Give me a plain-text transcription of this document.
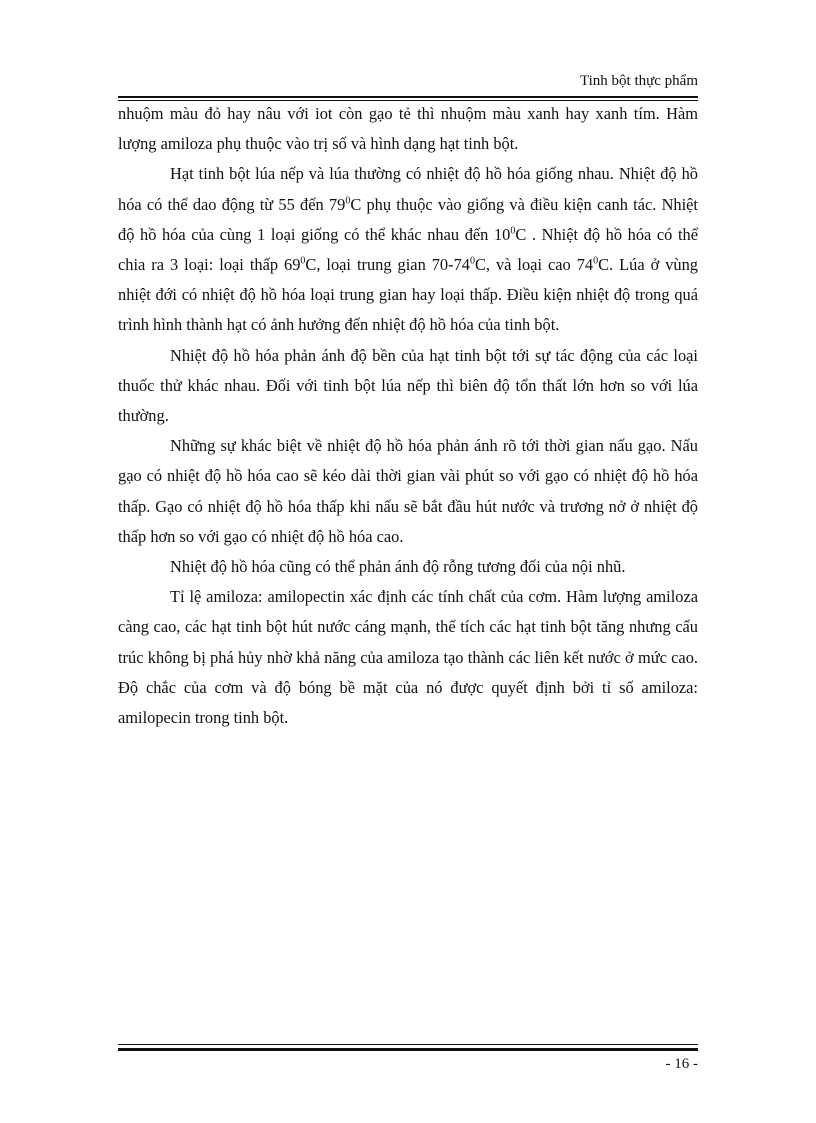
Tinh bột thực phẩm

nhuộm màu đỏ hay nâu với iot còn gạo tẻ thì nhuộm màu xanh hay xanh tím. Hàm lượng amiloza phụ thuộc vào trị số và hình dạng hạt tinh bột.

Hạt tinh bột lúa nếp và lúa thường có nhiệt độ hồ hóa giống nhau. Nhiệt độ hồ hóa có thể dao động từ 55 đến $79^0C$ phụ thuộc vào giống và điều kiện canh tác. Nhiệt độ hồ hóa của cùng 1 loại giống có thể khác nhau đến $10^0C$ . Nhiệt độ hồ hóa có thể chia ra 3 loại: loại thấp $69^0C$, loại trung gian $70-74^0C$, và loại cao $74^0C$. Lúa ở vùng nhiệt đới có nhiệt độ hồ hóa loại trung gian hay loại thấp. Điều kiện nhiệt độ trong quá trình hình thành hạt có ảnh hưởng đến nhiệt độ hồ hóa của tinh bột.

Nhiệt độ hồ hóa phản ánh độ bền của hạt tinh bột tới sự tác động của các loại thuốc thử khác nhau. Đối với tinh bột lúa nếp thì biên độ tổn thất lớn hơn so với lúa thường.

Những sự khác biệt về nhiệt độ hồ hóa phản ánh rõ tới thời gian nấu gạo. Nấu gạo có nhiệt độ hồ hóa cao sẽ kéo dài thời gian vài phút so với gạo có nhiệt độ hồ hóa thấp. Gạo có nhiệt độ hồ hóa thấp khi nấu sẽ bắt đầu hút nước và trương nở ở nhiệt độ thấp hơn so với gạo có nhiệt độ hồ hóa cao.

Nhiệt độ hồ hóa cũng có thể phản ánh độ rỗng tương đối của nội nhũ.

Tỉ lệ amiloza: amilopectin xác định các tính chất của cơm. Hàm lượng amiloza càng cao, các hạt tinh bột hút nước cáng mạnh, thể tích các hạt tinh bột tăng nhưng cấu trúc không bị phá hủy nhờ khả năng của amiloza tạo thành các liên kết nước ở mức cao. Độ chắc của cơm và độ bóng bề mặt của nó được quyết định bởi tỉ số amiloza: amilopecin trong tinh bột.

- 16 -
